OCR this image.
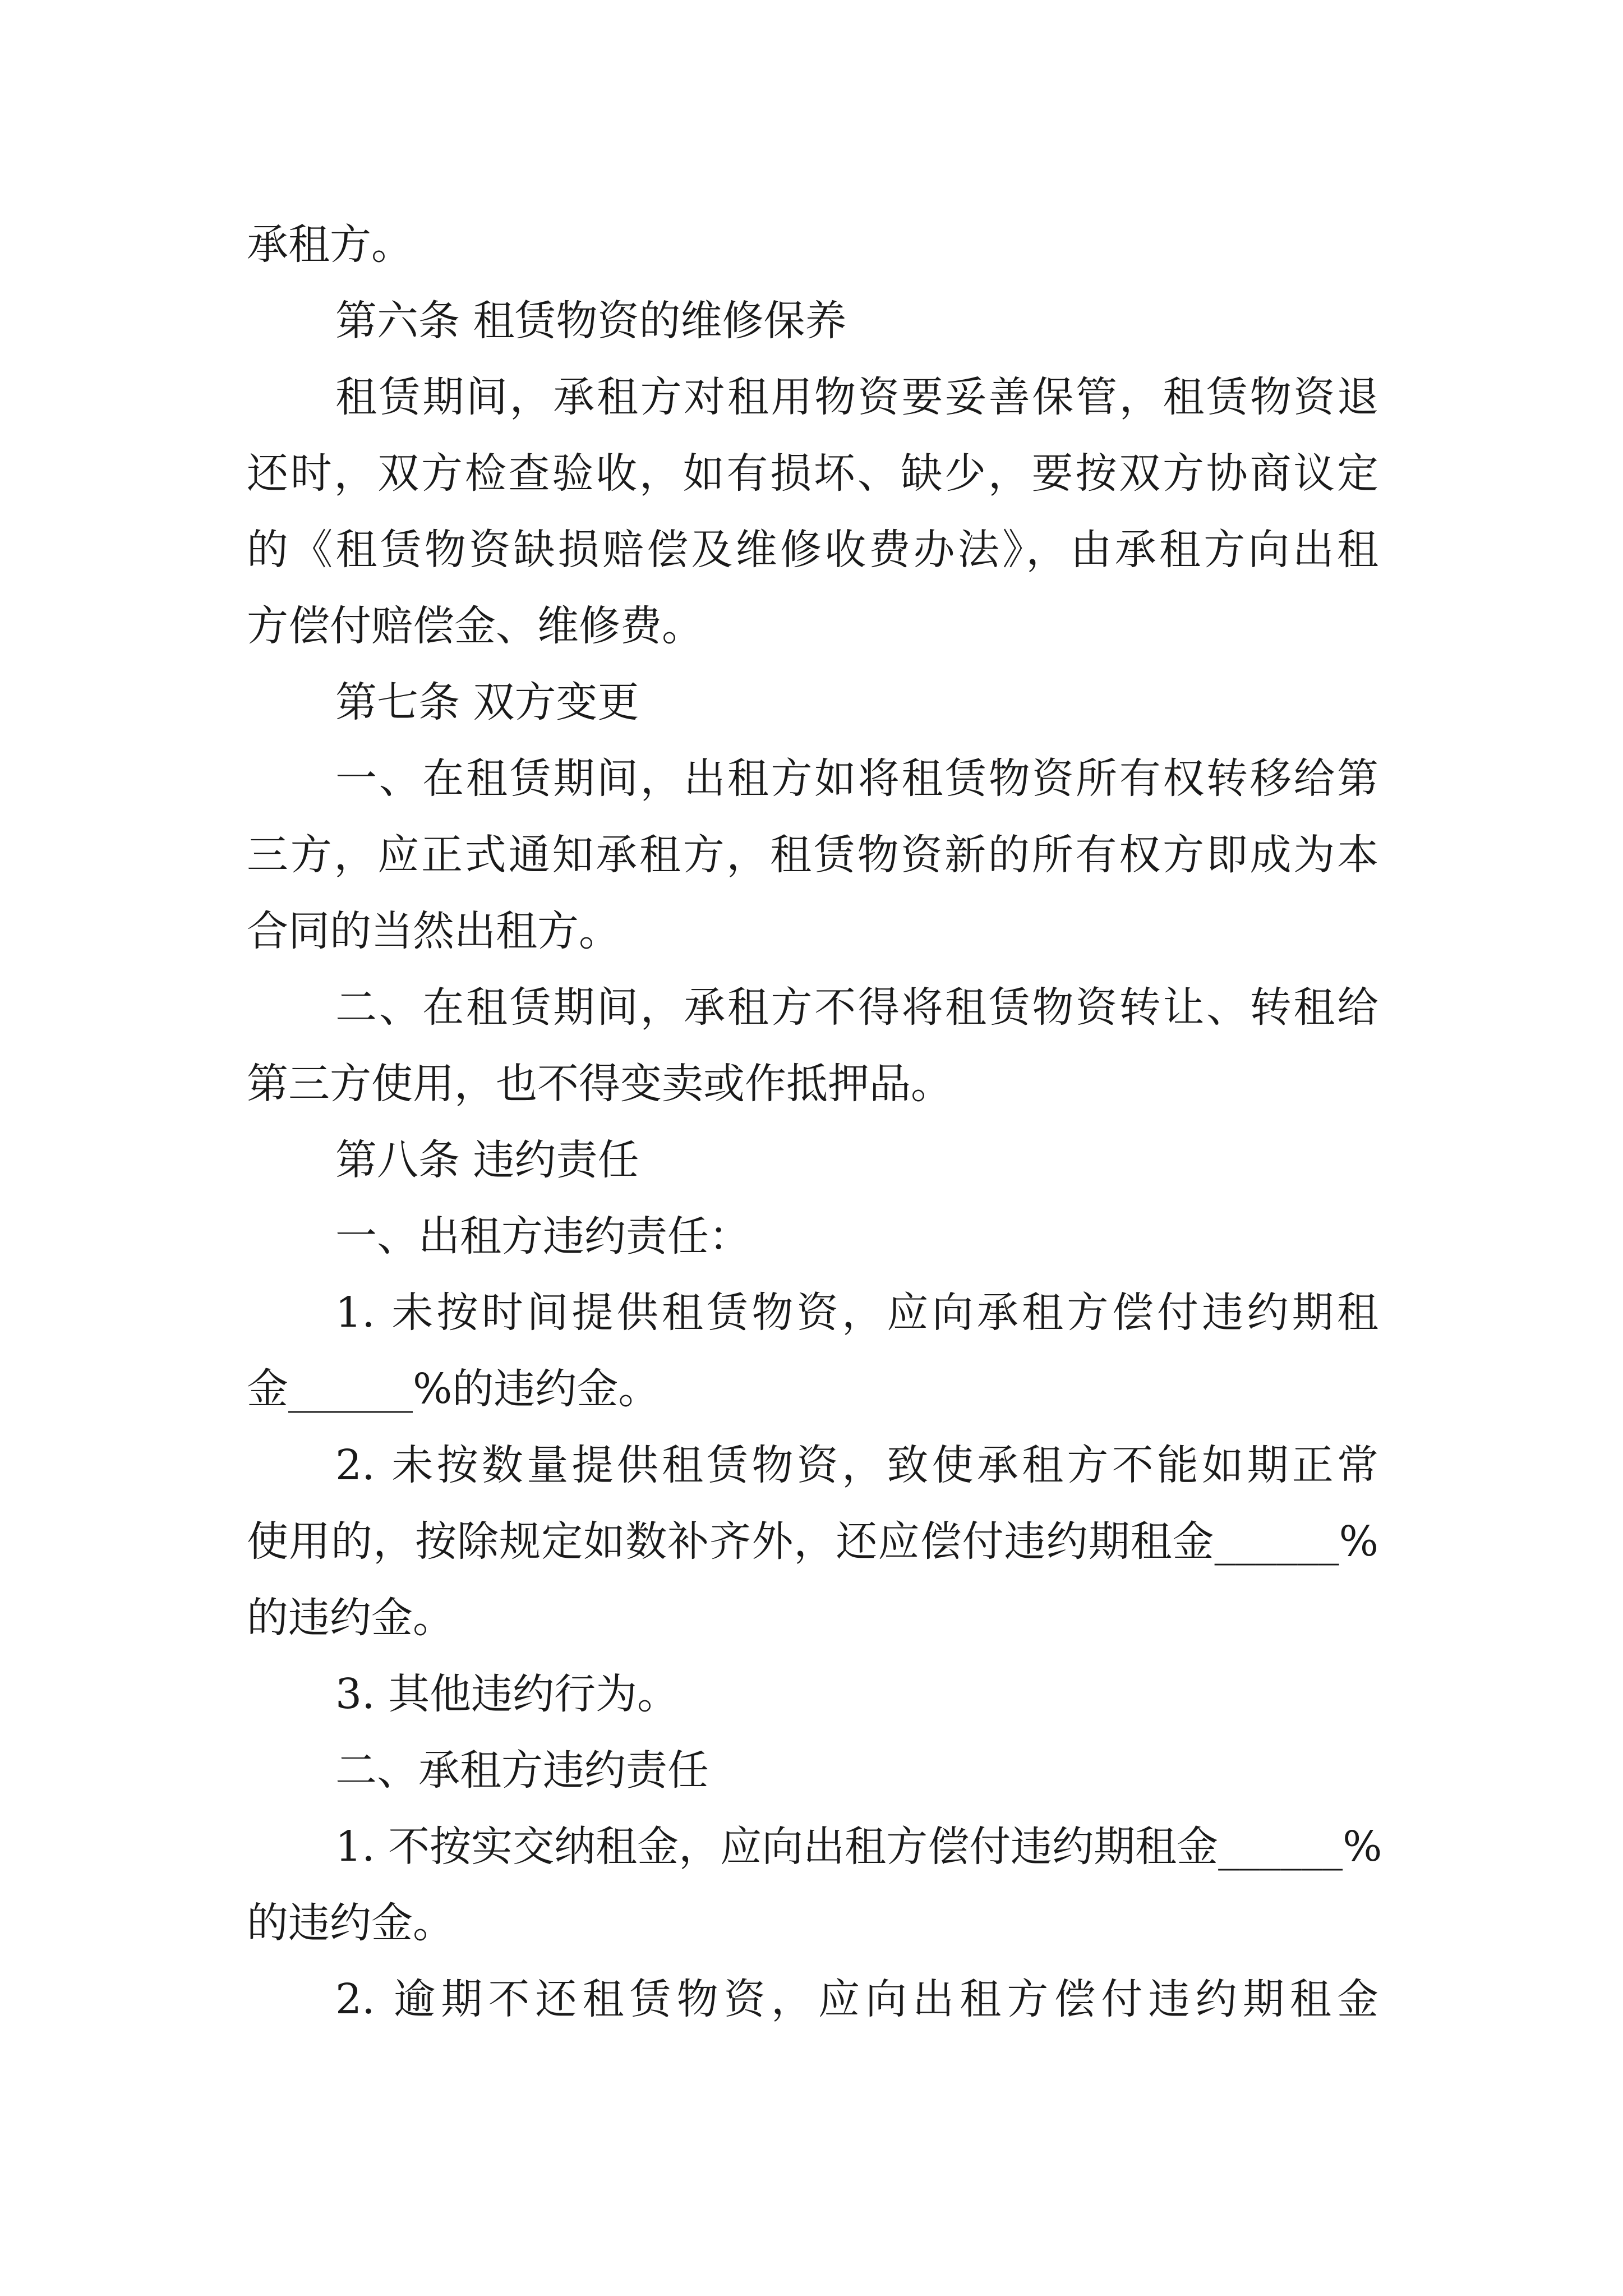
承租方。

第六条 租赁物资的维修保养

租赁期间，承租方对租用物资要妥善保管，租赁物资退

还时，双方检查验收，如有损坏、缺少，要按双方协商议定

的《租赁物资缺损赔偿及维修收费办法》，由承租方向出租

方偿付赔偿金、维修费。

第七条 双方变更

一、在租赁期间，出租方如将租赁物资所有权转移给第

三方，应正式通知承租方，租赁物资新的所有权方即成为本

合同的当然出租方。

二、在租赁期间，承租方不得将租赁物资转让、转租给

第三方使用，也不得变卖或作抵押品。

第八条 违约责任

一、出租方违约责任：

1. 未按时间提供租赁物资，应向承租方偿付违约期租

金______%的违约金。

2. 未按数量提供租赁物资，致使承租方不能如期正常

使用的，按除规定如数补齐外，还应偿付违约期租金______%

的违约金。

3. 其他违约行为。

二、承租方违约责任

1. 不按实交纳租金，应向出租方偿付违约期租金______%

的违约金。

2. 逾期不还租赁物资，应向出租方偿付违约期租金
